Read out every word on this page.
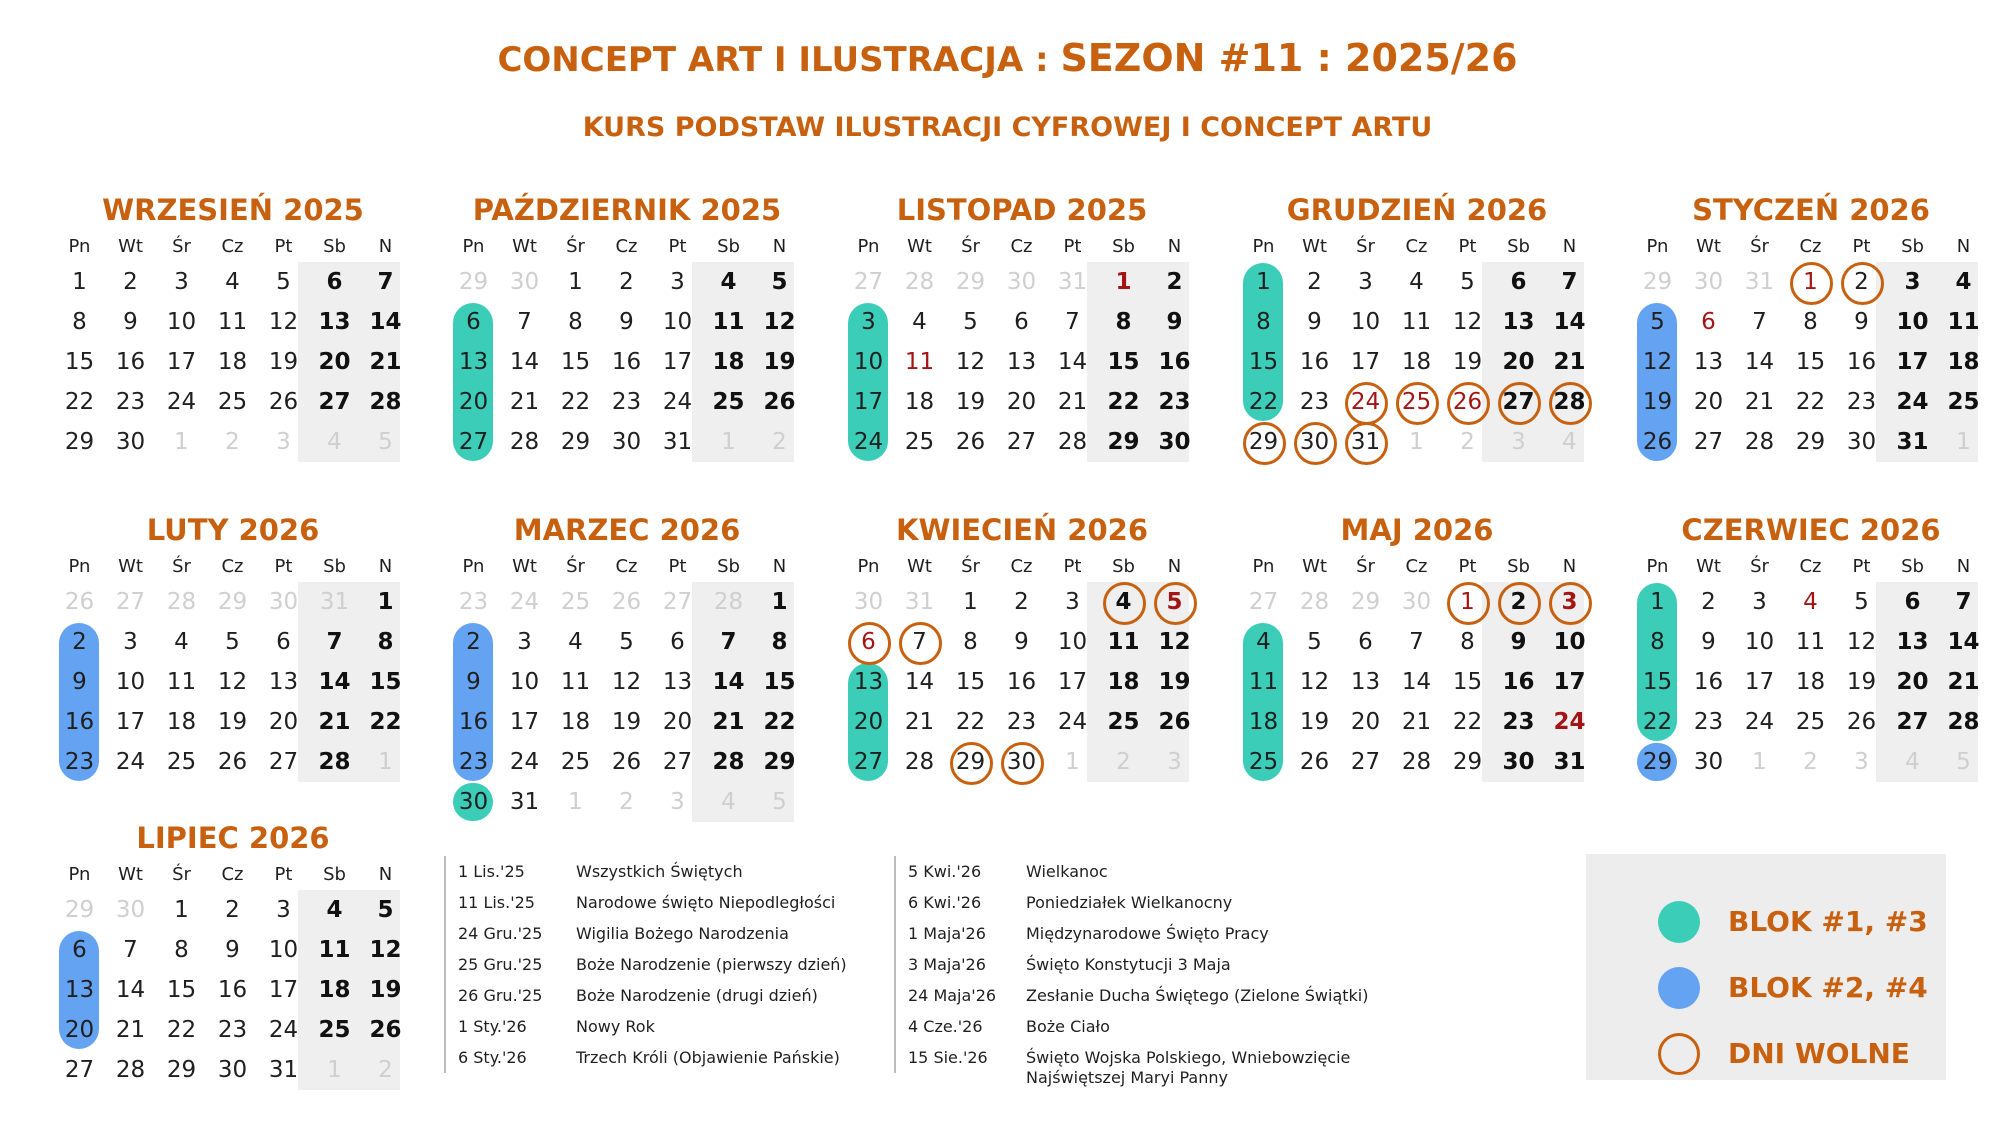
CONCEPT ART I ILUSTRACJA : SEZON #11 : 2025/26
KURS PODSTAW ILUSTRACJI CYFROWEJ I CONCEPT ARTU
WRZESIEŃ 2025
Pn	Wt	Śr	Cz	Pt	Sb	N
1	2	3	4	5	6	7
8	9	10 11 12 13 14
15 16 17 18 19 20 21
22 23 24 25 26 27 28
29 30	1	2	3	4	5
PAŹDZIERNIK 2025
Pn	Wt	Śr	Cz	Pt	Sb	N
29 30	1	2	3	4	5
6	7	8	9	10 11 12
13 14 15 16 17 18 19
20 21 22 23 24 25 26
27 28 29 30 31	1	2
LISTOPAD 2025
Pn	Wt	Śr	Cz	Pt	Sb	N
27 28 29 30 31	1	2
3	4	5	6	7	8	9
10 11 12 13 14 15 16
17 18 19 20 21 22 23
24 25 26 27 28 29 30
GRUDZIEŃ 2026
Pn	Wt	Śr	Cz	Pt	Sb	N
1	2	3	4	5	6	7
8	9	10 11 12 13 14
15 16 17 18 19 20 21
22 23 24 25 26 27 28
29 30 31	1	2	3	4
STYCZEŃ 2026
Pn	Wt	Śr	Cz	Pt	Sb	N
29 30 31	1	2	3	4
5	6	7	8	9	10 11
12 13 14 15 16 17 18
19 20 21 22 23 24 25
26 27 28 29 30 31	1
LUTY 2026
Pn	Wt	Śr	Cz	Pt	Sb	N
26 27 28 29 30 31	1
2	3	4	5	6	7	8
9	10 11 12 13 14 15
16 17 18 19 20 21 22
23 24 25 26 27 28	1
MARZEC 2026
Pn	Wt	Śr	Cz	Pt	Sb	N
23 24 25 26 27 28	1
2	3	4	5	6	7	8
9	10 11 12 13 14 15
16 17 18 19 20 21 22
23 24 25 26 27 28 29
30 31	1	2	3	4	5
KWIECIEŃ 2026
Pn	Wt	Śr	Cz	Pt	Sb	N
30 31	1	2	3	4	5
6	7	8	9	10 11 12
13 14 15 16 17 18 19
20 21 22 23 24 25 26
27 28 29 30	1	2	3
MAJ 2026
Pn	Wt	Śr	Cz	Pt	Sb	N
27 28 29 30	1	2	3
4	5	6	7	8	9	10
11 12 13 14 15 16 17
18 19 20 21 22 23 24
25 26 27 28 29 30 31
CZERWIEC 2026
Pn	Wt	Śr	Cz	Pt	Sb	N
1	2	3	4	5	6	7
8	9	10 11 12 13 14
15 16 17 18 19 20 21
22 23 24 25 26 27 28
29 30	1	2	3	4	5
LIPIEC 2026
Pn	Wt	Śr	Cz	Pt	Sb	N
29 30	1	2	3	4	5
6	7	8	9	10 11 12
13 14 15 16 17 18 19
20 21 22 23 24 25 26
27 28 29 30 31	1	2
1 Lis.'25	Wszystkich Świętych
11 Lis.'25	Narodowe święto Niepodległości
24 Gru.'25	Wigilia Bożego Narodzenia
25 Gru.'25	Boże Narodzenie (pierwszy dzień)
26 Gru.'25	Boże Narodzenie (drugi dzień)
1 Sty.'26	Nowy Rok
6 Sty.'26	Trzech Króli (Objawienie Pańskie)
5 Kwi.'26	Wielkanoc
6 Kwi.'26	Poniedziałek Wielkanocny
1 Maja'26	Międzynarodowe Święto Pracy
3 Maja'26	Święto Konstytucji 3 Maja
24 Maja'26	Zesłanie Ducha Świętego (Zielone Świątki)
4 Cze.'26	Boże Ciało
15 Sie.'26	Święto Wojska Polskiego, Wniebowzięcie Najświętszej Maryi Panny
BLOK #1, #3
BLOK #2, #4
DNI WOLNE
